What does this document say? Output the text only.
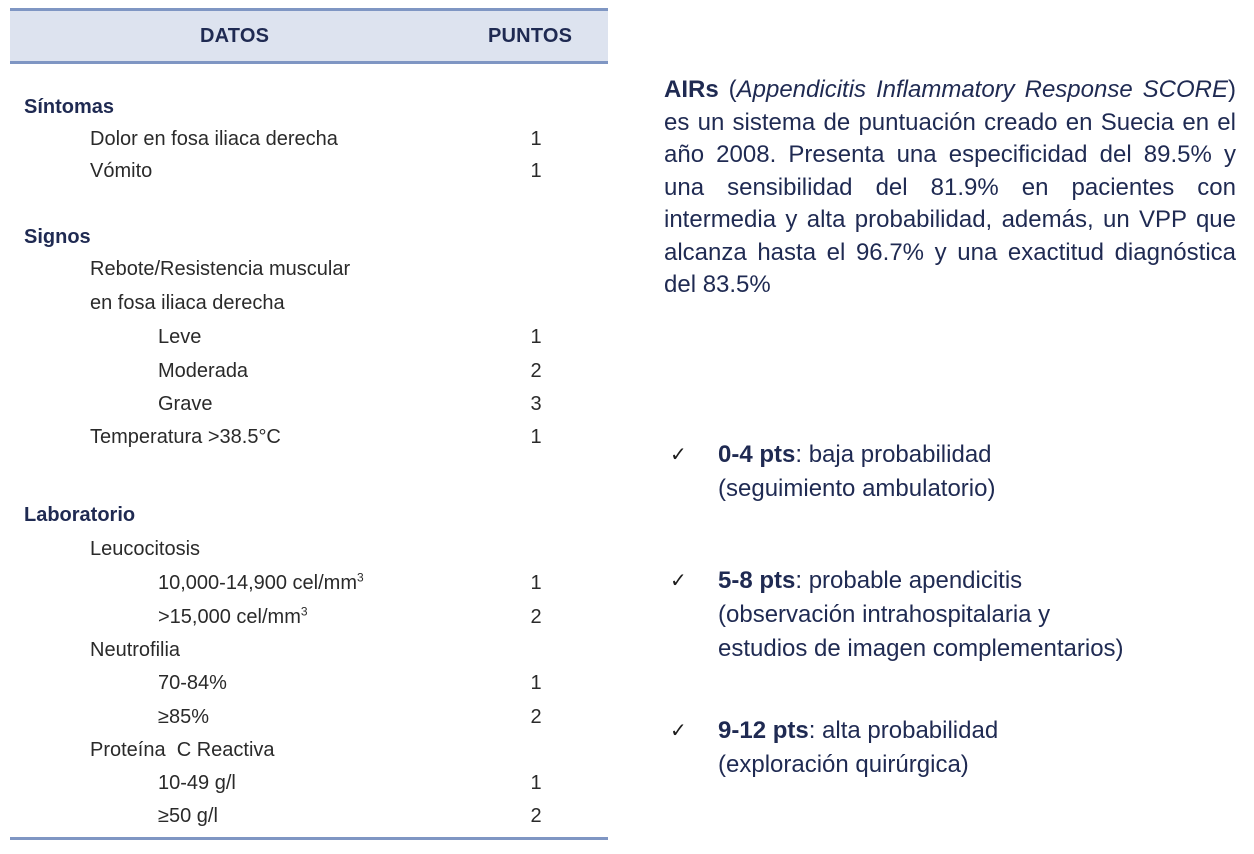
DATOS	PUNTOS
Síntomas
Dolor en fosa iliaca derecha	1
Vómito	1
Signos
Rebote/Resistencia muscular
en fosa iliaca derecha
Leve	1
Moderada	2
Grave	3
Temperatura >38.5°C	1
Laboratorio
Leucocitosis
10,000-14,900 cel/$mm^3$	1
>15,000 cel/$mm^3$	2
Neutrofilia
70-84%	1
≥85%	2
Proteína  C Reactiva
10-49 g/l	1
≥50 g/l	2

AIRs (Appendicitis Inflammatory Response SCORE) es un sistema de puntuación creado en Suecia en el año 2008. Presenta una especificidad del 89.5% y una sensibilidad del 81.9% en pacientes con intermedia y alta probabilidad, además, un VPP que alcanza hasta el 96.7% y una exactitud diagnóstica del 83.5%

✓ 0-4 pts: baja probabilidad
(seguimiento ambulatorio)
✓ 5-8 pts: probable apendicitis
(observación intrahospitalaria y
estudios de imagen complementarios)
✓ 9-12 pts: alta probabilidad
(exploración quirúrgica)
